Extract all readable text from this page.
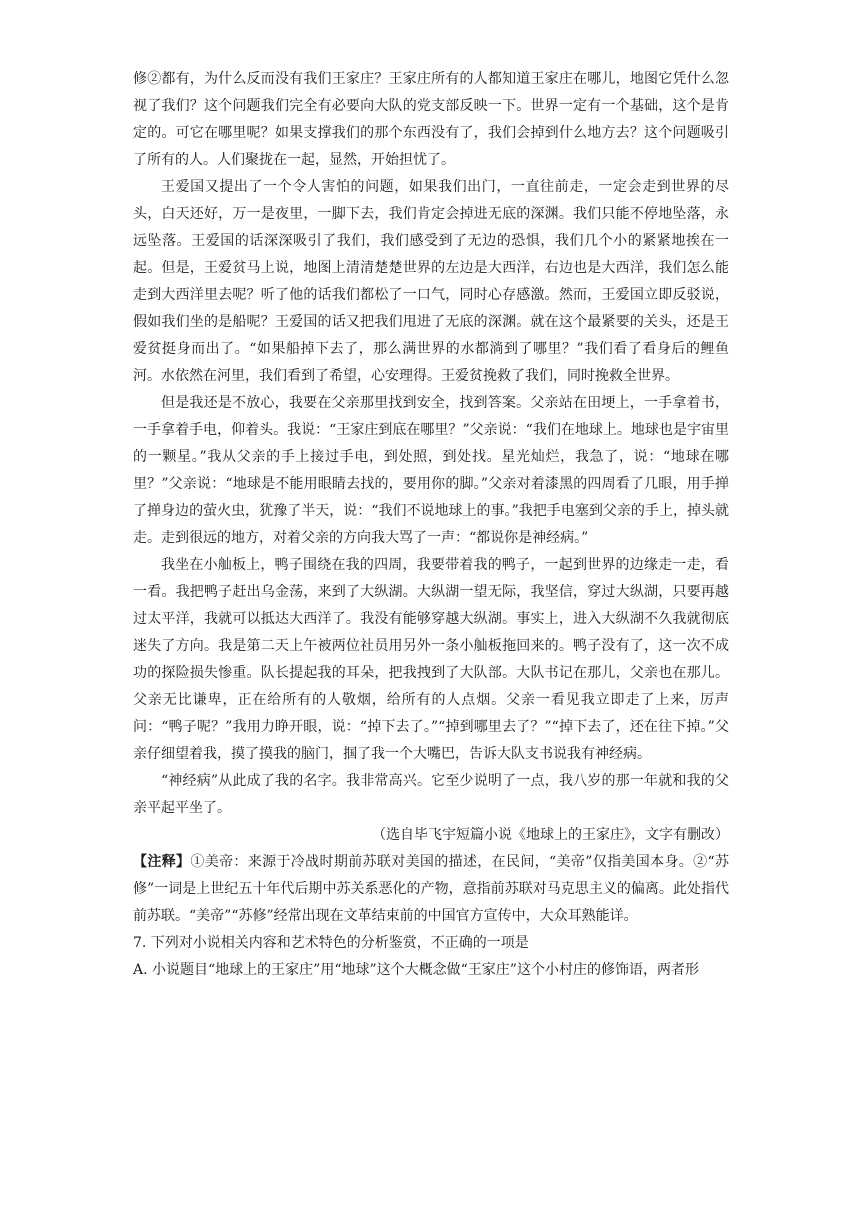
修②都有，为什么反而没有我们王家庄？王家庄所有的人都知道王家庄在哪儿，地图它凭什么忽视了我们？这个问题我们完全有必要向大队的党支部反映一下。世界一定有一个基础，这个是肯定的。可它在哪里呢？如果支撑我们的那个东西没有了，我们会掉到什么地方去？这个问题吸引了所有的人。人们聚拢在一起，显然，开始担忧了。

王爱国又提出了一个令人害怕的问题，如果我们出门，一直往前走，一定会走到世界的尽头，白天还好，万一是夜里，一脚下去，我们肯定会掉进无底的深渊。我们只能不停地坠落，永远坠落。王爱国的话深深吸引了我们，我们感受到了无边的恐惧，我们几个小的紧紧地挨在一起。但是，王爱贫马上说，地图上清清楚楚世界的左边是大西洋，右边也是大西洋，我们怎么能走到大西洋里去呢？听了他的话我们都松了一口气，同时心存感激。然而，王爱国立即反驳说，假如我们坐的是船呢？王爱国的话又把我们甩进了无底的深渊。就在这个最紧要的关头，还是王爱贫挺身而出了。“如果船掉下去了，那么满世界的水都淌到了哪里？”我们看了看身后的鲤鱼河。水依然在河里，我们看到了希望，心安理得。王爱贫挽救了我们，同时挽救全世界。

但是我还是不放心，我要在父亲那里找到安全，找到答案。父亲站在田埂上，一手拿着书，一手拿着手电，仰着头。我说：“王家庄到底在哪里？”父亲说：“我们在地球上。地球也是宇宙里的一颗星。”我从父亲的手上接过手电，到处照，到处找。星光灿烂，我急了，说：“地球在哪里？”父亲说：“地球是不能用眼睛去找的，要用你的脚。”父亲对着漆黑的四周看了几眼，用手掸了掸身边的萤火虫，犹豫了半天，说：“我们不说地球上的事。”我把手电塞到父亲的手上，掉头就走。走到很远的地方，对着父亲的方向我大骂了一声：“都说你是神经病。”

我坐在小舢板上，鸭子围绕在我的四周，我要带着我的鸭子，一起到世界的边缘走一走，看一看。我把鸭子赶出乌金荡，来到了大纵湖。大纵湖一望无际，我坚信，穿过大纵湖，只要再越过太平洋，我就可以抵达大西洋了。我没有能够穿越大纵湖。事实上，进入大纵湖不久我就彻底迷失了方向。我是第二天上午被两位社员用另外一条小舢板拖回来的。鸭子没有了，这一次不成功的探险损失惨重。队长提起我的耳朵，把我拽到了大队部。大队书记在那儿，父亲也在那儿。父亲无比谦卑，正在给所有的人敬烟，给所有的人点烟。父亲一看见我立即走了上来，厉声问：“鸭子呢？”我用力睁开眼，说：“掉下去了。”“掉到哪里去了？”“掉下去了，还在往下掉。”父亲仔细望着我，摸了摸我的脑门，掴了我一个大嘴巴，告诉大队支书说我有神经病。

“神经病”从此成了我的名字。我非常高兴。它至少说明了一点，我八岁的那一年就和我的父亲平起平坐了。

（选自毕飞宇短篇小说《地球上的王家庄》，文字有删改）

【注释】①美帝：来源于冷战时期前苏联对美国的描述，在民间，“美帝”仅指美国本身。②“苏修”一词是上世纪五十年代后期中苏关系恶化的产物，意指前苏联对马克思主义的偏离。此处指代前苏联。“美帝”“苏修”经常出现在文革结束前的中国官方宣传中，大众耳熟能详。

7. 下列对小说相关内容和艺术特色的分析鉴赏，不正确的一项是

A. 小说题目“地球上的王家庄”用“地球”这个大概念做“王家庄”这个小村庄的修饰语，两者形
